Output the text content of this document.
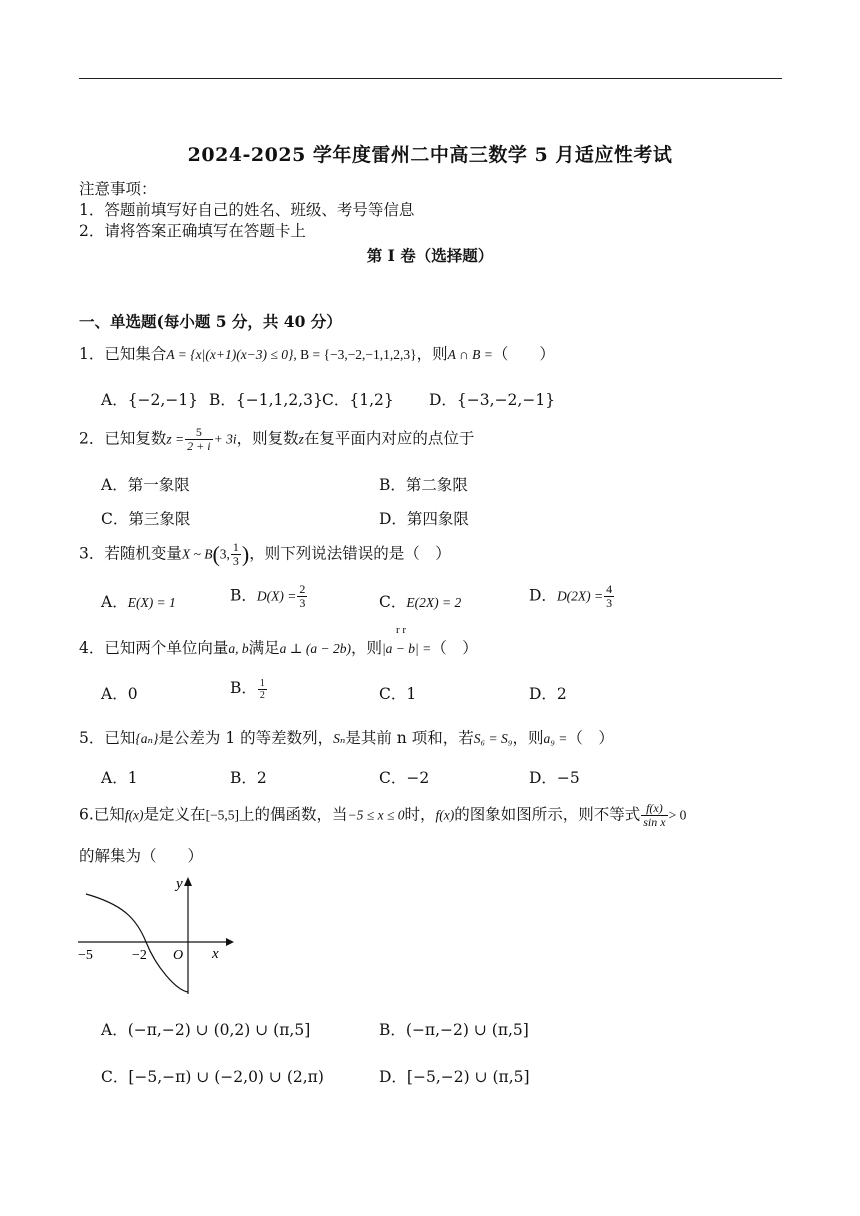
2024-2025 学年度雷州二中高三数学 5 月适应性考试
注意事项：
1．答题前填写好自己的姓名、班级、考号等信息
2．请将答案正确填写在答题卡上
第 I 卷（选择题）
一、单选题(每小题 5 分，共 40 分）
1．已知集合A = {x|(x+1)(x−3) ≤ 0}, B = {−3,−2,−1,1,2,3}，则A ∩ B =（　　）
A．{−2,−1} B．{−1,1,2,3} C．{1,2} D．{−3,−2,−1}
2．已知复数$z = \frac{5}{2 + i} + 3i$，则复数z在复平面内对应的点位于
A．第一象限	B．第二象限
C．第三象限	D．第四象限
3．若随机变量X ~ B(3, $\frac{1}{3}$ )，则下列说法错误的是（　）
A．E(X) = 1	B．$D(X) = \frac{2}{3}$	C．E(2X) = 2	D．$D(2X) = \frac{4}{3}$
r r
4．已知两个单位向量a, b满足a ⊥ (a − 2b)，则|a − b| =（　）
A．0	B． $\frac{1}{2}$	C．1	D．2
5．已知{aₙ}是公差为 1 的等差数列，Sₙ是其前 n 项和，若S₆ = S₉，则a₉ =（　）
A．1	B．2	C．−2	D．−5
6.已知f(x)是定义在[−5,5]上的偶函数，当−5 ≤ x ≤ 0时，f(x)的图象如图所示，则不等式 $\frac{f(x)}{\text{sin x}} > 0$
的解集为（　　）
y
x
−5	−2 O
A．(−π,−2) ∪ (0,2) ∪ (π,5]	B．(−π,−2) ∪ (π,5]
C．[−5,−π) ∪ (−2,0) ∪ (2,π)	D．[−5,−2) ∪ (π,5]
